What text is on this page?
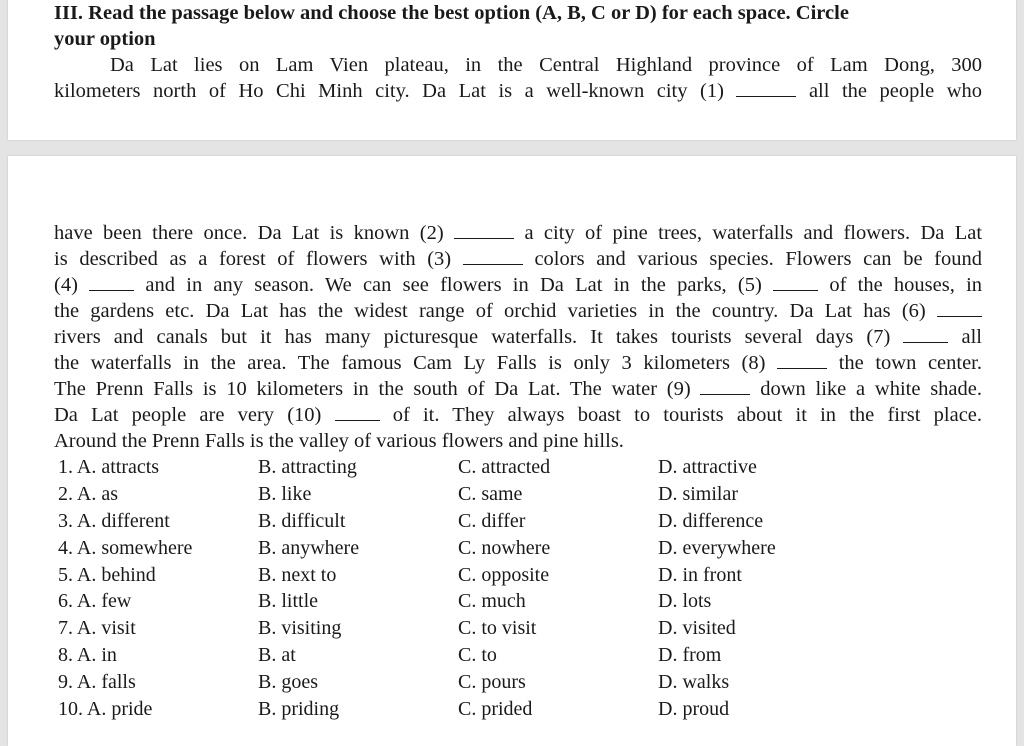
III. Read the passage below and choose the best option (A, B, C or D) for each space. Circle
your option
Da Lat lies on Lam Vien plateau, in the Central Highland province of Lam Dong, 300
kilometers north of Ho Chi Minh city. Da Lat is a well-known city (1)	all the people who
have been there once. Da Lat is known (2)	a city of pine trees, waterfalls and flowers. Da Lat
is described as a forest of flowers with (3)	colors and various species. Flowers can be found
(4)	and in any season. We can see flowers in Da Lat in the parks, (5)	of the houses, in
the gardens etc. Da Lat has the widest range of orchid varieties in the country. Da Lat has (6)
rivers and canals but it has many picturesque waterfalls. It takes tourists several days (7)	all
the waterfalls in the area. The famous Cam Ly Falls is only 3 kilometers (8)	the town center.
The Prenn Falls is 10 kilometers in the south of Da Lat. The water (9)	down like a white shade.
Da Lat people are very (10)	of it. They always boast to tourists about it in the first place.
Around the Prenn Falls is the valley of various flowers and pine hills.
1. A. attracts	B. attracting	C. attracted	D. attractive
2. A. as	B. like	C. same	D. similar
3. A. different	B. difficult	C. differ	D. difference
4. A. somewhere	B. anywhere	C. nowhere	D. everywhere
5. A. behind	B. next to	C. opposite	D. in front
6. A. few	B. little	C. much	D. lots
7. A. visit	B. visiting	C. to visit	D. visited
8. A. in	B. at	C. to	D. from
9. A. falls	B. goes	C. pours	D. walks
10. A. pride	B. priding	C. prided	D. proud
